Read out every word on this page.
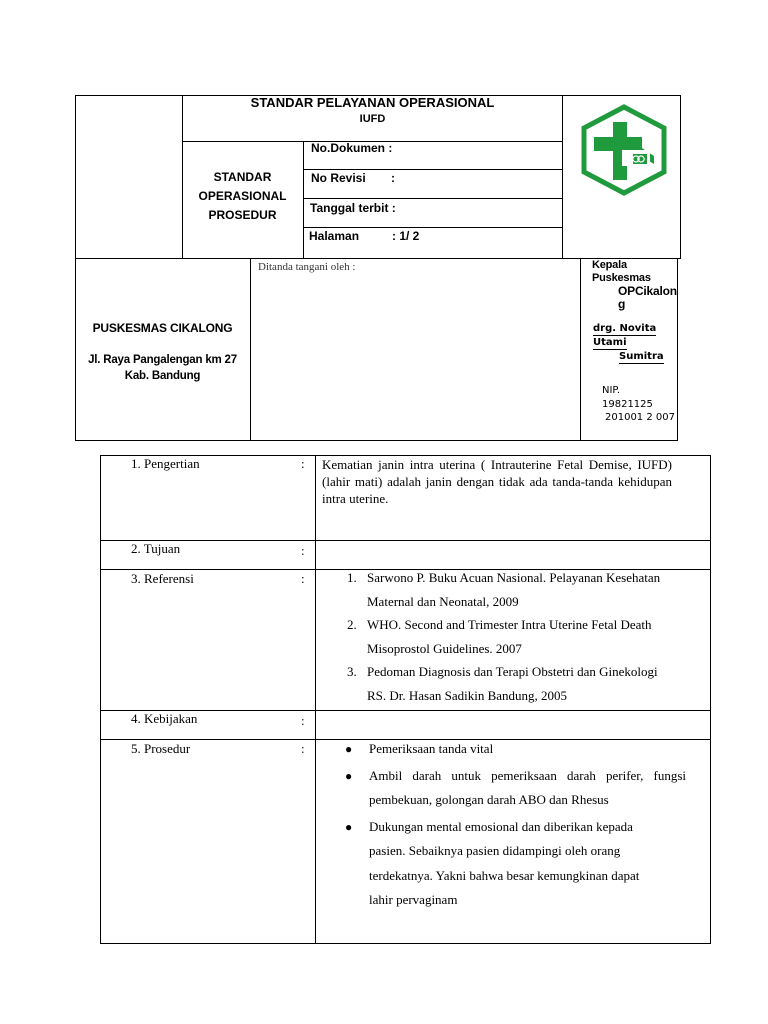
STANDAR PELAYANAN OPERASIONAL
IUFD
STANDAR
OPERASIONAL
PROSEDUR
No.Dokumen :
No Revisi :
Tanggal terbit :
Halaman	: 1/ 2
PUSKESMAS CIKALONG
Jl. Raya Pangalengan km 27
Kab. Bandung
Ditanda tangani oleh :	Kepala
Puskesmas
OPCikalon
g
drg. Novita Utami Sumitra
NIP.
19821125
201001 2 007
1. Pengertian	: Kematian janin intra uterina ( Intrauterine Fetal Demise, IUFD) (lahir mati) adalah janin dengan tidak ada tanda-tanda kehidupan intra uterine.
2. Tujuan	:
3. Referensi	:	1. Sarwono P. Buku Acuan Nasional. Pelayanan Kesehatan Maternal dan Neonatal, 2009
2. WHO. Second and Trimester Intra Uterine Fetal Death Misoprostol Guidelines. 2007
3. Pedoman Diagnosis dan Terapi Obstetri dan Ginekologi RS. Dr. Hasan Sadikin Bandung, 2005
4. Kebijakan	:
5. Prosedur	:	●	Pemeriksaan tanda vital
●	Ambil darah untuk pemeriksaan darah perifer, fungsi pembekuan, golongan darah ABO dan Rhesus
●	Dukungan mental emosional dan diberikan kepada pasien. Sebaiknya pasien didampingi oleh orang terdekatnya. Yakni bahwa besar kemungkinan dapat lahir pervaginam
